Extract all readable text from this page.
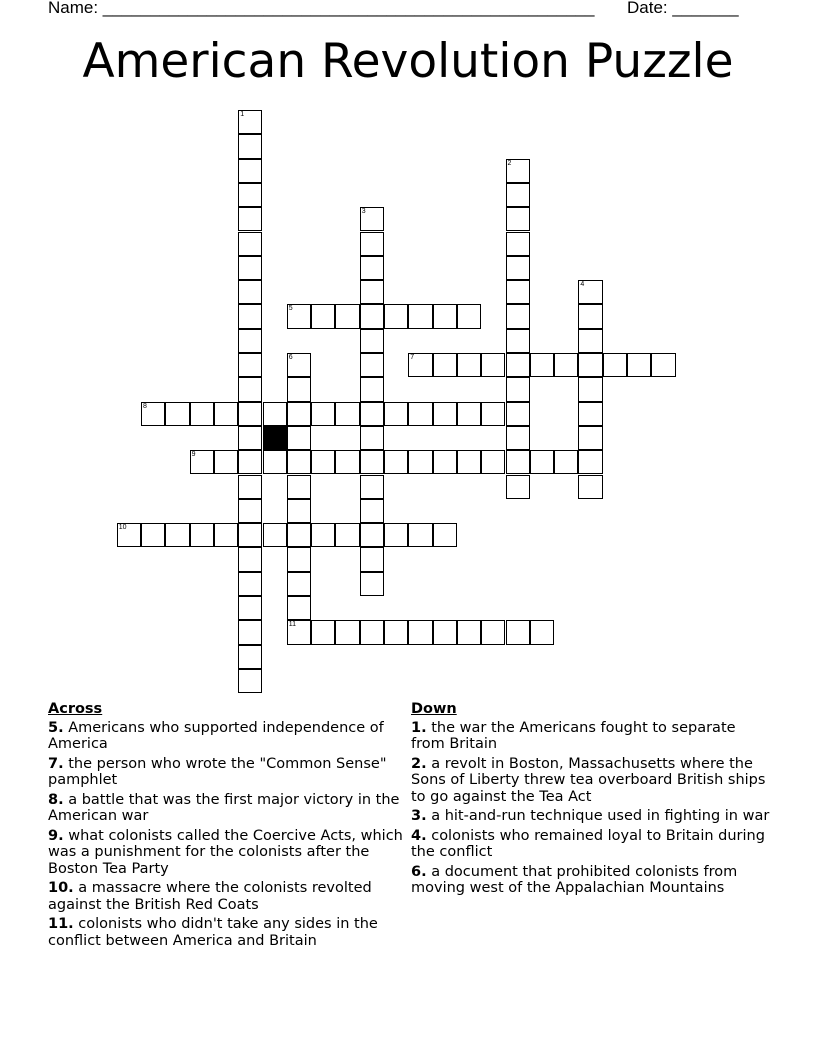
Name: ____________________________________________________ Date: _______
American Revolution Puzzle
1
2
3
4
5
6	7
8
9
10
11
Across
5. Americans who supported independence of America
7. the person who wrote the "Common Sense" pamphlet
8. a battle that was the first major victory in the American war
9. what colonists called the Coercive Acts, which was a punishment for the colonists after the Boston Tea Party
10. a massacre where the colonists revolted against the British Red Coats
11. colonists who didn't take any sides in the conflict between America and Britain
Down
1. the war the Americans fought to separate from Britain
2. a revolt in Boston, Massachusetts where the Sons of Liberty threw tea overboard British ships to go against the Tea Act
3. a hit-and-run technique used in fighting in war
4. colonists who remained loyal to Britain during the conflict
6. a document that prohibited colonists from moving west of the Appalachian Mountains
